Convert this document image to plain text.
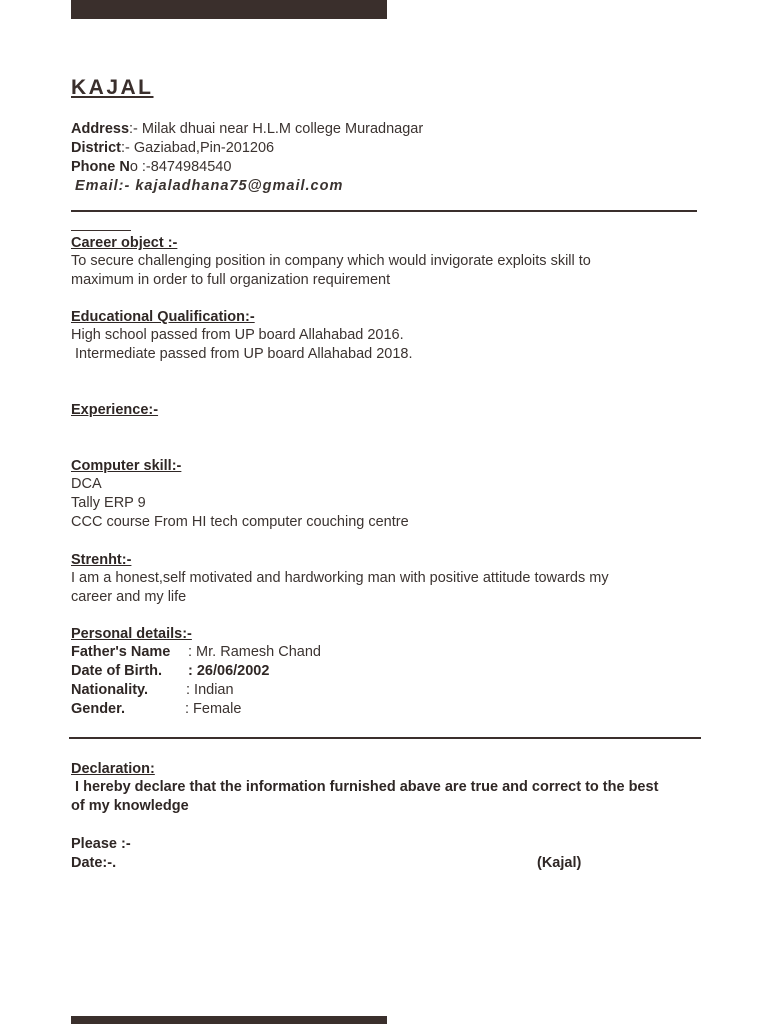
KAJAL
Address:- Milak dhuai near H.L.M college Muradnagar
District:- Gaziabad,Pin-201206
Phone No :-8474984540
Email:- kajaladhana75@gmail.com
Career object :-
To secure challenging position in company which would invigorate exploits skill to
maximum in order to full organization requirement
Educational Qualification:-
High school passed from UP board Allahabad 2016.
Intermediate passed from UP board Allahabad 2018.
Experience:-
Computer skill:-
DCA
Tally ERP 9
CCC course From HI tech computer couching centre
Strenht:-
I am a honest,self motivated and hardworking man with positive attitude towards my
career and my life
Personal details:-
Father's Name : Mr. Ramesh Chand
Date of Birth. : 26/06/2002
Nationality.	: Indian
Gender.	: Female
Declaration:
I hereby declare that the information furnished abave are true and correct to the best
of my knowledge
Please :-
Date:-.	(Kajal)
